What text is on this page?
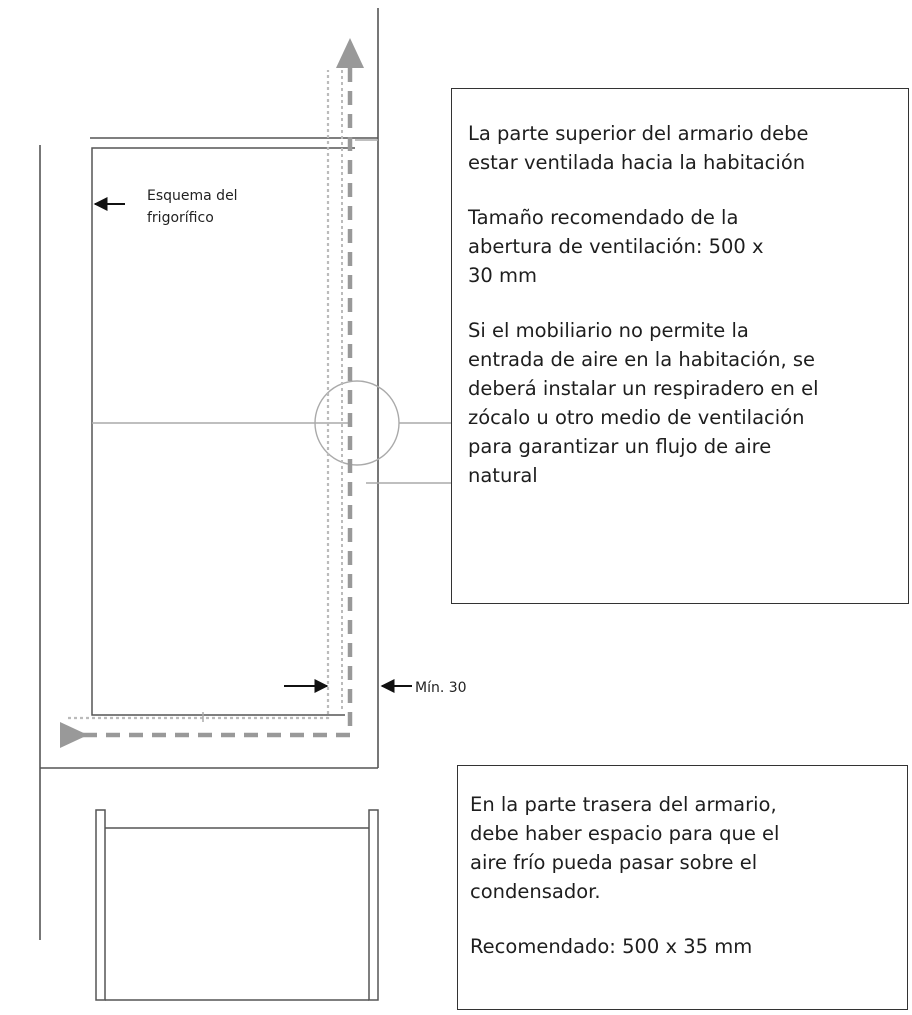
Esquema del
frigorífico
Mín. 30

La parte superior del armario debe
estar ventilada hacia la habitación

Tamaño recomendado de la
abertura de ventilación: 500 x
30 mm

Si el mobiliario no permite la
entrada de aire en la habitación, se
deberá instalar un respiradero en el
zócalo u otro medio de ventilación
para garantizar un flujo de aire
natural

En la parte trasera del armario,
debe haber espacio para que el
aire frío pueda pasar sobre el
condensador.

Recomendado: 500 x 35 mm
